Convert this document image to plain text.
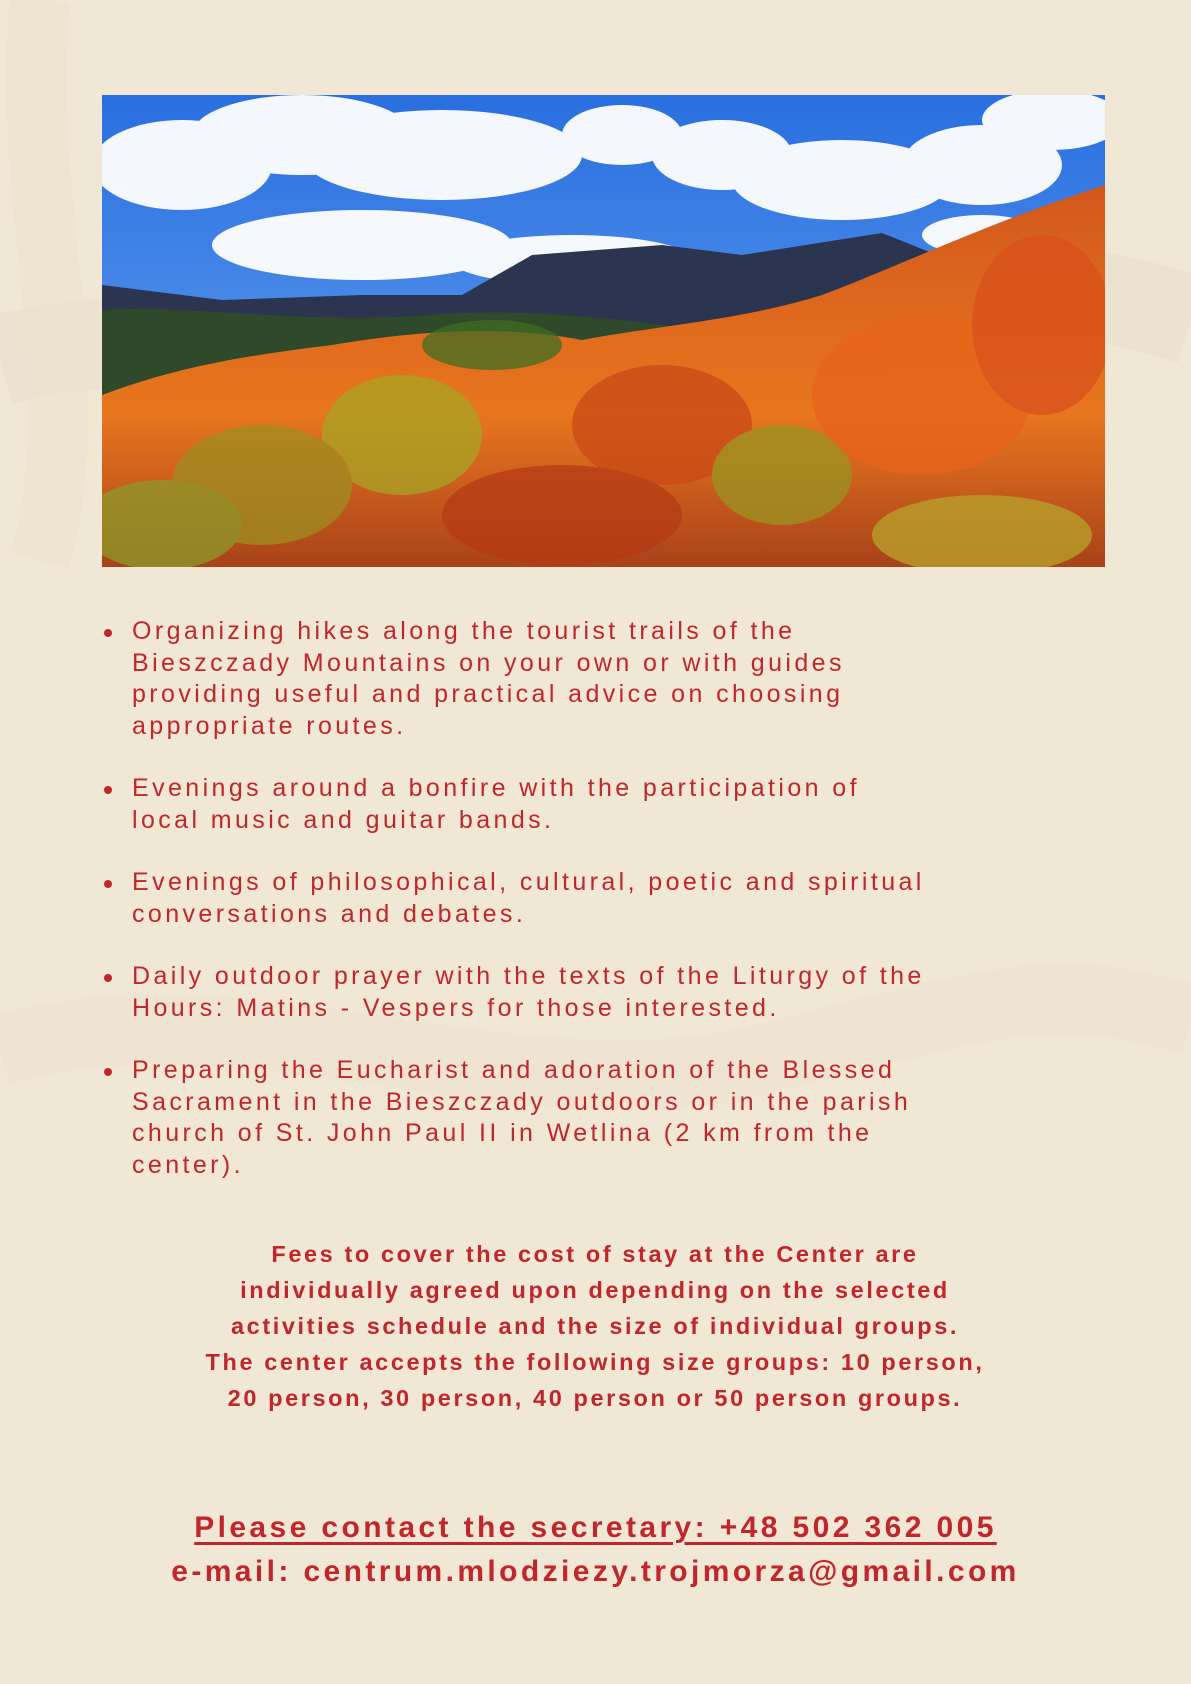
Organizing hikes along the tourist trails of the
Bieszczady Mountains on your own or with guides
providing useful and practical advice on choosing
appropriate routes.
Evenings around a bonfire with the participation of
local music and guitar bands.
Evenings of philosophical, cultural, poetic and spiritual
conversations and debates.
Daily outdoor prayer with the texts of the Liturgy of the
Hours: Matins - Vespers for those interested.
Preparing the Eucharist and adoration of the Blessed
Sacrament in the Bieszczady outdoors or in the parish
church of St. John Paul II in Wetlina (2 km from the
center).
Fees to cover the cost of stay at the Center are
individually agreed upon depending on the selected
activities schedule and the size of individual groups.
The center accepts the following size groups: 10 person,
20 person, 30 person, 40 person or 50 person groups.
Please contact the secretary: +48 502 362 005
e-mail: centrum.mlodziezy.trojmorza@gmail.com
